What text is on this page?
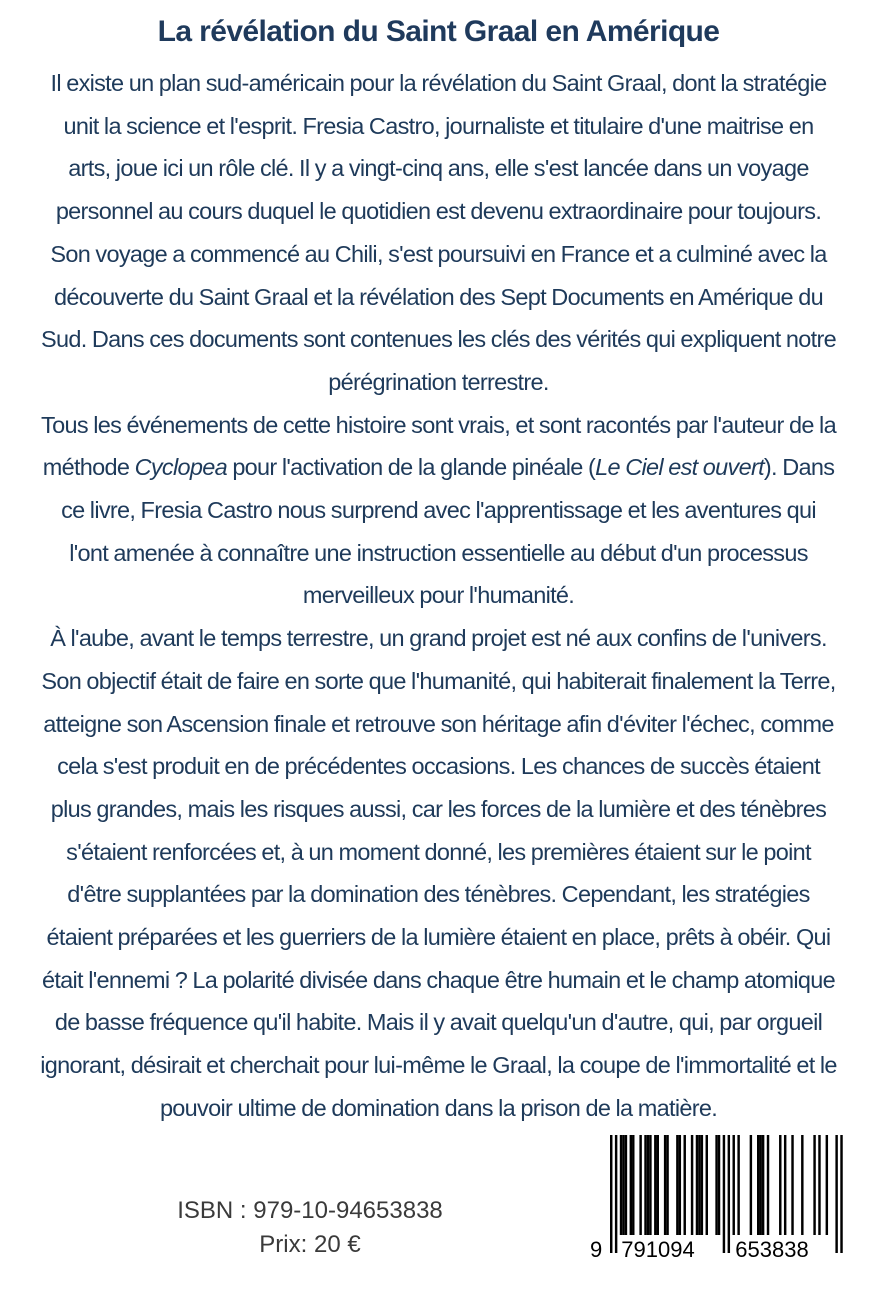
La révélation du Saint Graal en Amérique

Il existe un plan sud-américain pour la révélation du Saint Graal, dont la stratégie unit la science et l'esprit. Fresia Castro, journaliste et titulaire d'une maitrise en arts, joue ici un rôle clé. Il y a vingt-cinq ans, elle s'est lancée dans un voyage personnel au cours duquel le quotidien est devenu extraordinaire pour toujours. Son voyage a commencé au Chili, s'est poursuivi en France et a culminé avec la découverte du Saint Graal et la révélation des Sept Documents en Amérique du Sud. Dans ces documents sont contenues les clés des vérités qui expliquent notre pérégrination terrestre.

Tous les événements de cette histoire sont vrais, et sont racontés par l'auteur de la méthode Cyclopea pour l'activation de la glande pinéale (Le Ciel est ouvert). Dans ce livre, Fresia Castro nous surprend avec l'apprentissage et les aventures qui l'ont amenée à connaître une instruction essentielle au début d'un processus merveilleux pour l'humanité.

À l'aube, avant le temps terrestre, un grand projet est né aux confins de l'univers. Son objectif était de faire en sorte que l'humanité, qui habiterait finalement la Terre, atteigne son Ascension finale et retrouve son héritage afin d'éviter l'échec, comme cela s'est produit en de précédentes occasions. Les chances de succès étaient plus grandes, mais les risques aussi, car les forces de la lumière et des ténèbres s'étaient renforcées et, à un moment donné, les premières étaient sur le point d'être supplantées par la domination des ténèbres. Cependant, les stratégies étaient préparées et les guerriers de la lumière étaient en place, prêts à obéir. Qui était l'ennemi ? La polarité divisée dans chaque être humain et le champ atomique de basse fréquence qu'il habite. Mais il y avait quelqu'un d'autre, qui, par orgueil ignorant, désirait et cherchait pour lui-même le Graal, la coupe de l'immortalité et le pouvoir ultime de domination dans la prison de la matière.

ISBN : 979-10-94653838
Prix: 20 €	9 791094 653838
